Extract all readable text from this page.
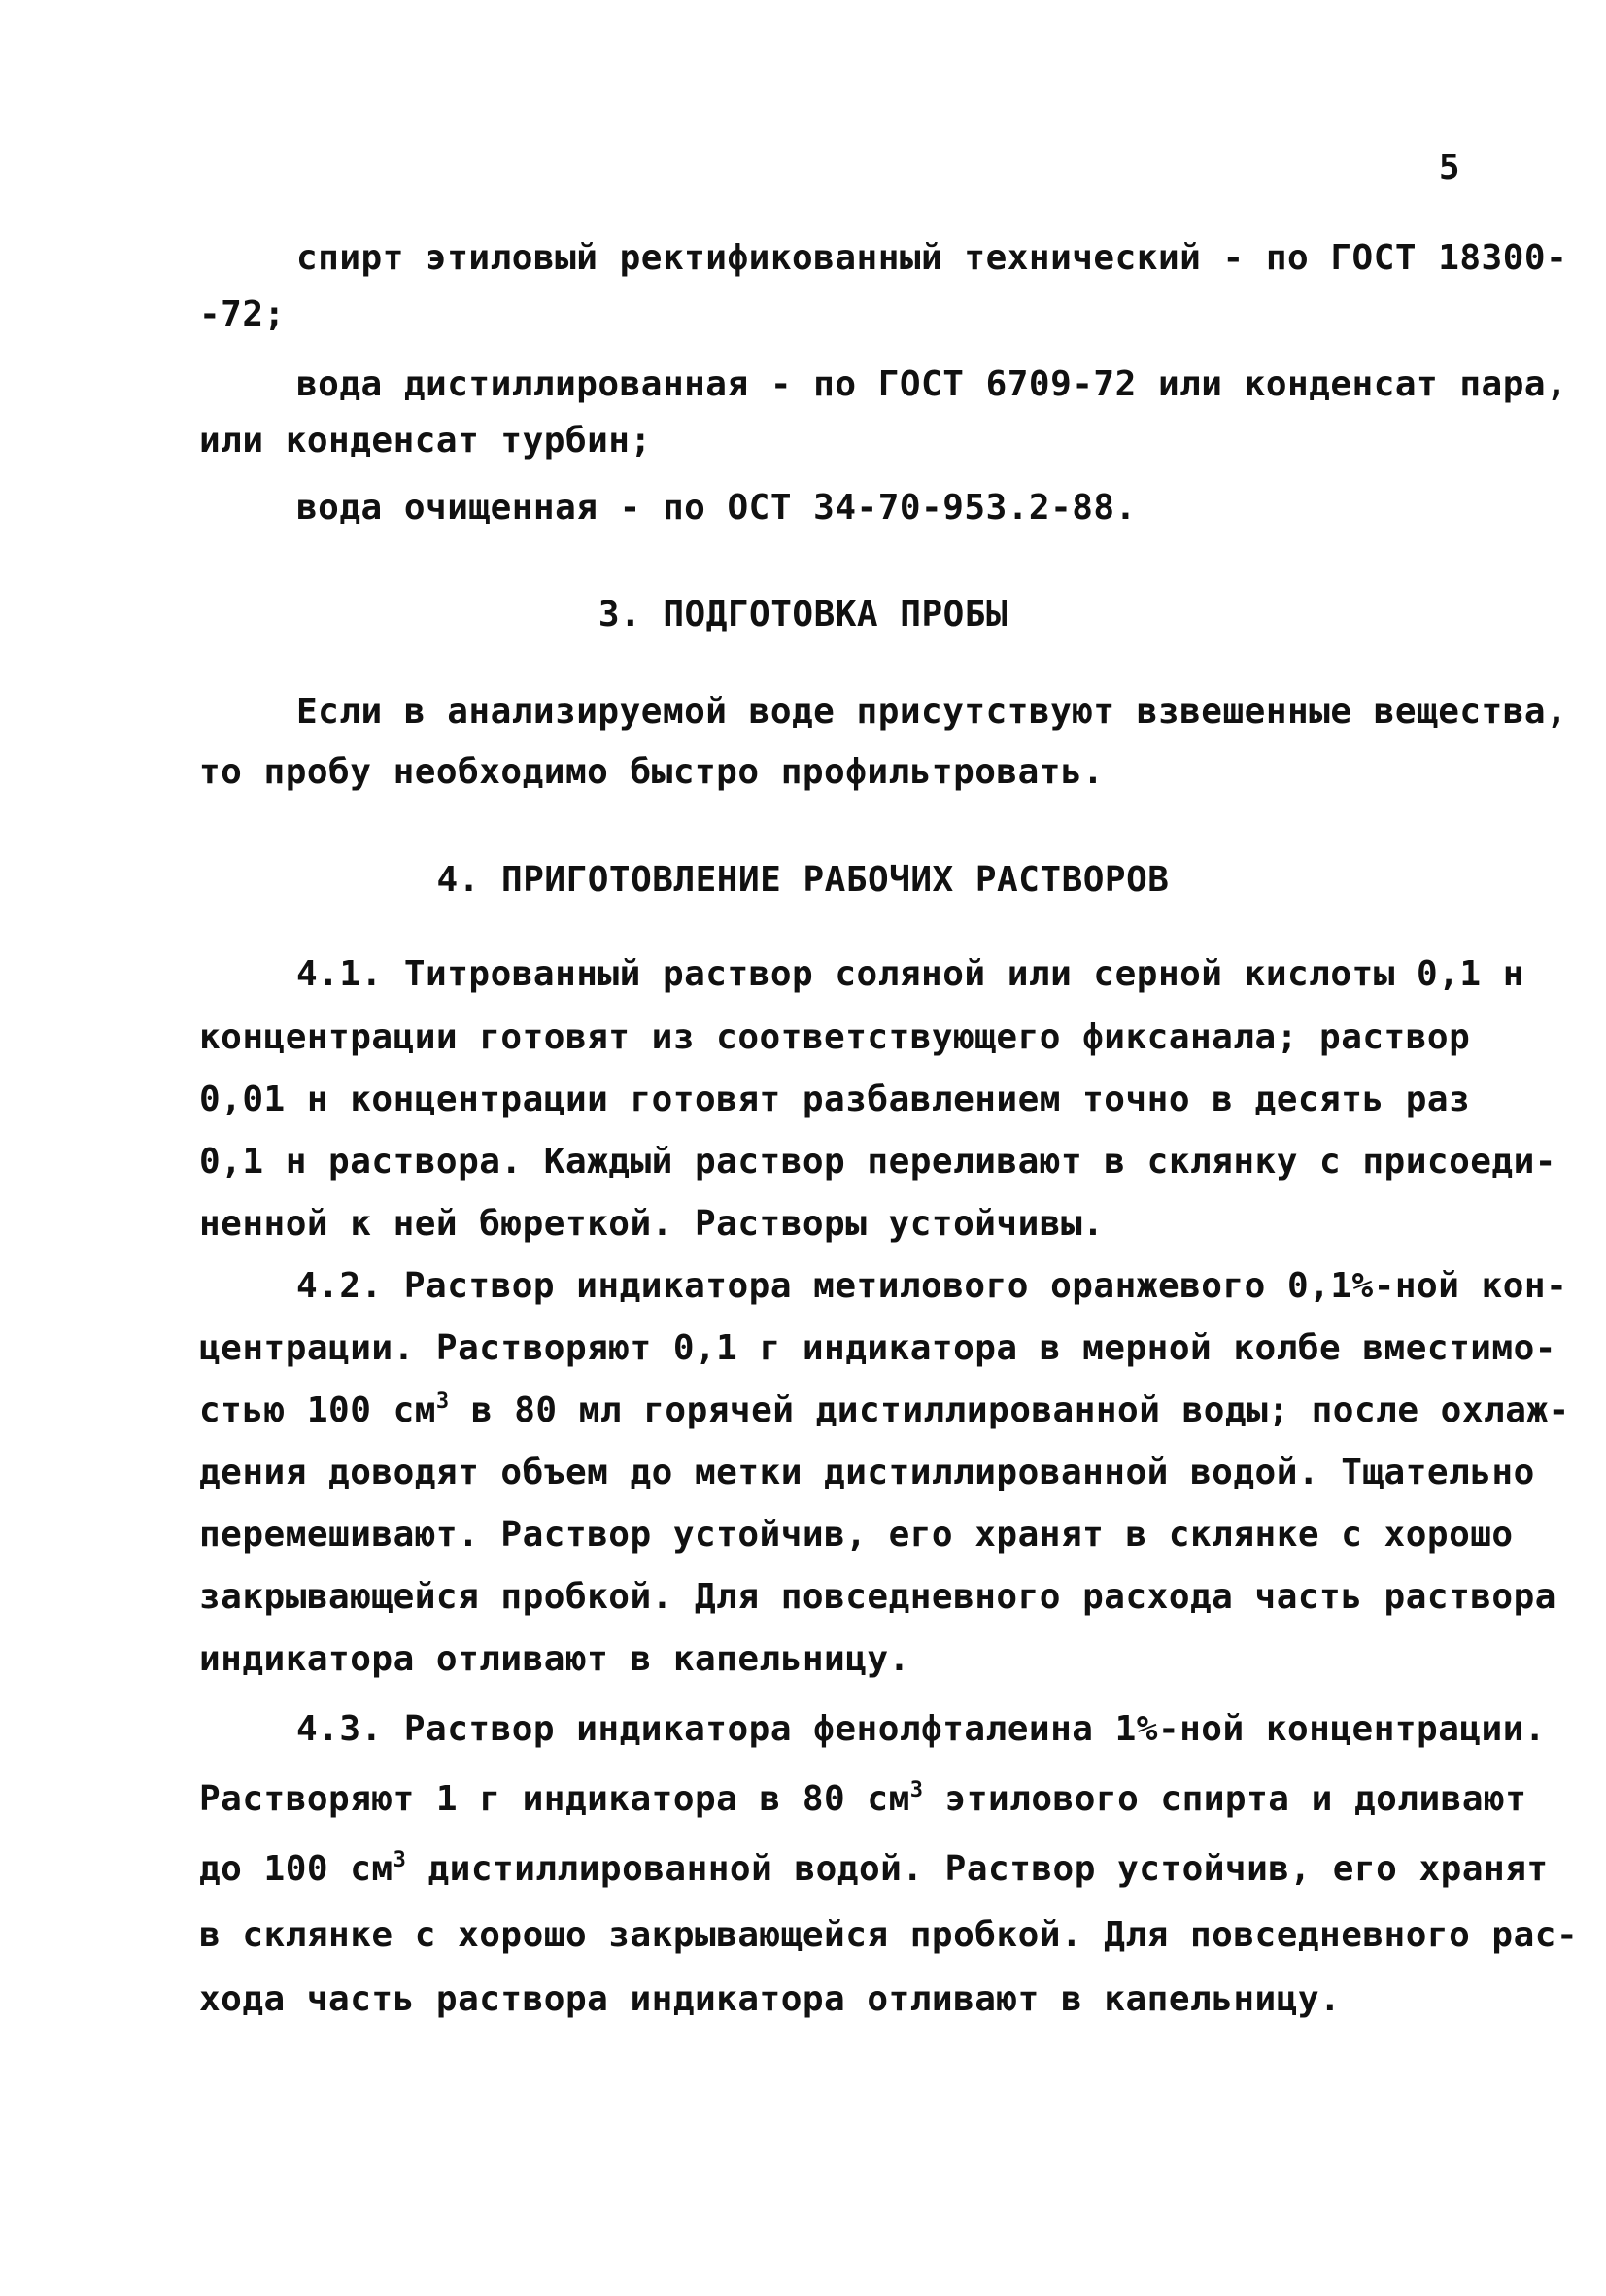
5
спирт этиловый ректификованный технический - по ГОСТ 18300-
-72;
вода дистиллированная - по ГОСТ 6709-72 или конденсат пара,
или конденсат турбин;
вода очищенная - по ОСТ 34-70-953.2-88.
3. ПОДГОТОВКА ПРОБЫ
Если в анализируемой воде присутствуют взвешенные вещества,
то пробу необходимо быстро профильтровать.
4. ПРИГОТОВЛЕНИЕ РАБОЧИХ РАСТВОРОВ
4.1. Титрованный раствор соляной или серной кислоты 0,1 н
концентрации готовят из соответствующего фиксанала; раствор
0,01 н концентрации готовят разбавлением точно в десять раз
0,1 н раствора. Каждый раствор переливают в склянку с присоеди-
ненной к ней бюреткой. Растворы устойчивы.
4.2. Раствор индикатора метилового оранжевого 0,1%-ной кон-
центрации. Растворяют 0,1 г индикатора в мерной колбе вместимо-
стью 100 $см^3$ в 80 мл горячей дистиллированной воды; после охлаж-
дения доводят объем до метки дистиллированной водой. Тщательно
перемешивают. Раствор устойчив, его хранят в склянке с хорошо
закрывающейся пробкой. Для повседневного расхода часть раствора
индикатора отливают в капельницу.
4.3. Раствор индикатора фенолфталеина 1%-ной концентрации.
Растворяют 1 г индикатора в 80 $см^3$ этилового спирта и доливают
до 100 $см^3$ дистиллированной водой. Раствор устойчив, его хранят
в склянке с хорошо закрывающейся пробкой. Для повседневного рас-
хода часть раствора индикатора отливают в капельницу.
